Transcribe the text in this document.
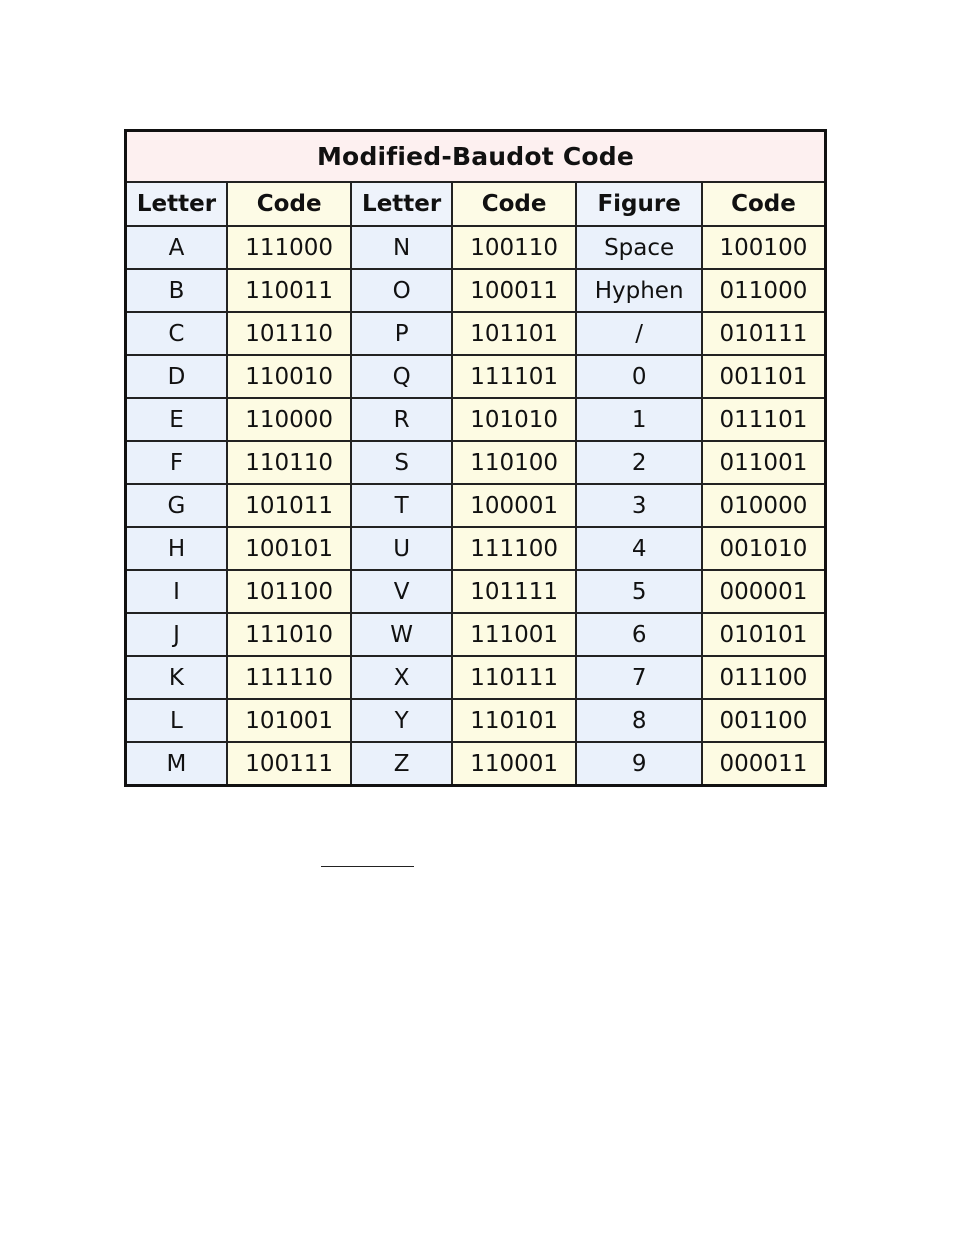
Modified-Baudot Code					
Letter	Code	Letter	Code	Figure	Code
A	111000	N	100110	Space	100100
B	110011	O	100011	Hyphen	011000
C	101110	P	101101	/	010111
D	110010	Q	111101	0	001101
E	110000	R	101010	1	011101
F	110110	S	110100	2	011001
G	101011	T	100001	3	010000
H	100101	U	111100	4	001010
I	101100	V	101111	5	000001
J	111010	W	111001	6	010101
K	111110	X	110111	7	011100
L	101001	Y	110101	8	001100
M	100111	Z	110001	9	000011
